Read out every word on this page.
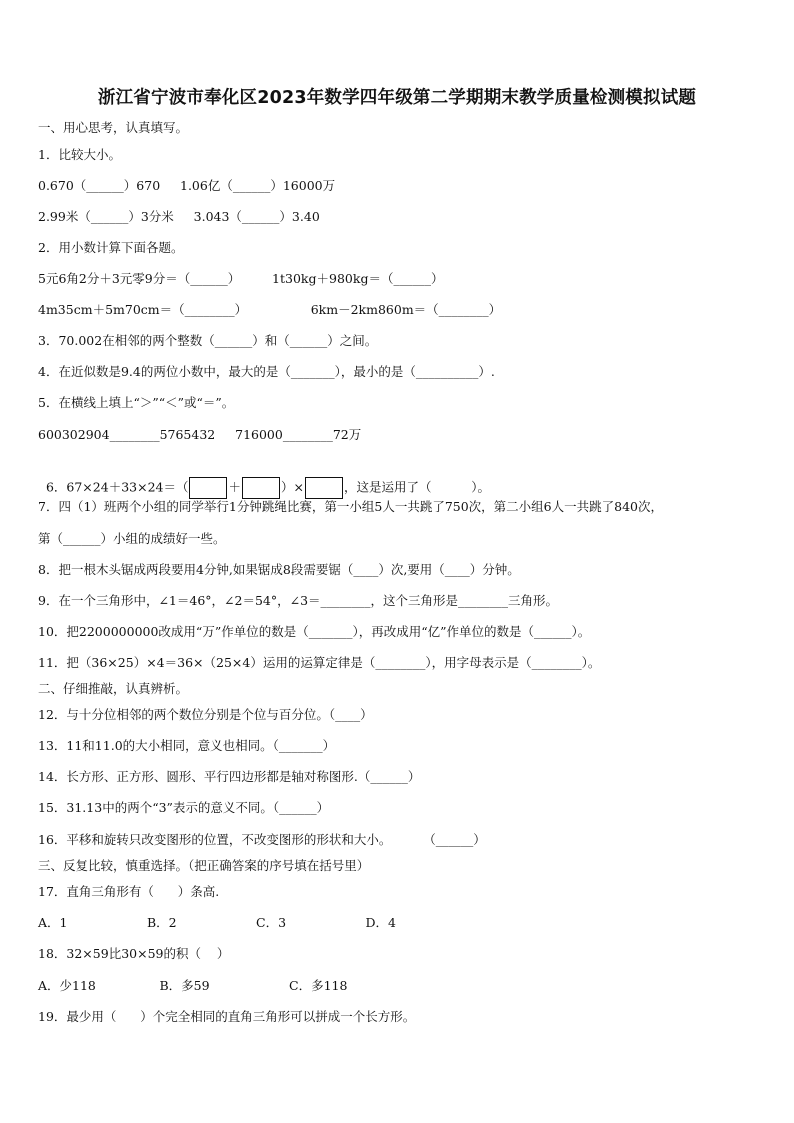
浙江省宁波市奉化区2023年数学四年级第二学期期末教学质量检测模拟试题
一、用心思考，认真填写。
1．比较大小。
0.670（______）670     1.06亿（______）16000万
2.99米（______）3分米     3.043（______）3.40
2．用小数计算下面各题。
5元6角2分＋3元零9分＝（______）        1t30kg＋980kg＝（______）
4m35cm＋5m70cm＝（________）                6km－2km860m＝（________）
3．70.002在相邻的两个整数（______）和（______）之间。
4．在近似数是9.4的两位小数中，最大的是（_______），最小的是（__________）.
5．在横线上填上“＞”“＜”或“＝”。
600302904________5765432     716000________72万

6．67×24＋33×24＝（	＋	）×	，这是运用了（          ）。

7．四（1）班两个小组的同学举行1分钟跳绳比赛，第一小组5人一共跳了750次，第二小组6人一共跳了840次，
第（______）小组的成绩好一些。
8．把一根木头锯成两段要用4分钟,如果锯成8段需要锯（____）次,要用（____）分钟。
9．在一个三角形中，∠1＝46°，∠2＝54°，∠3＝________，这个三角形是________三角形。
10．把2200000000改成用“万”作单位的数是（_______），再改成用“亿”作单位的数是（______）。
11．把（36×25）×4＝36×（25×4）运用的运算定律是（________），用字母表示是（________）。
二、仔细推敲，认真辨析。
12．与十分位相邻的两个数位分别是个位与百分位。（____）
13．11和11.0的大小相同，意义也相同。（_______）
14．长方形、正方形、圆形、平行四边形都是轴对称图形.（______）
15．31.13中的两个“3”表示的意义不同。（______）
16．平移和旋转只改变图形的位置，不改变图形的形状和大小。        （______）
三、反复比较，慎重选择。（把正确答案的序号填在括号里）
17．直角三角形有（      ）条高.
A．1                    B．2                    C．3                    D．4
18．32×59比30×59的积（    ）
A．少118                B．多59                    C．多118
19．最少用（      ）个完全相同的直角三角形可以拼成一个长方形。
